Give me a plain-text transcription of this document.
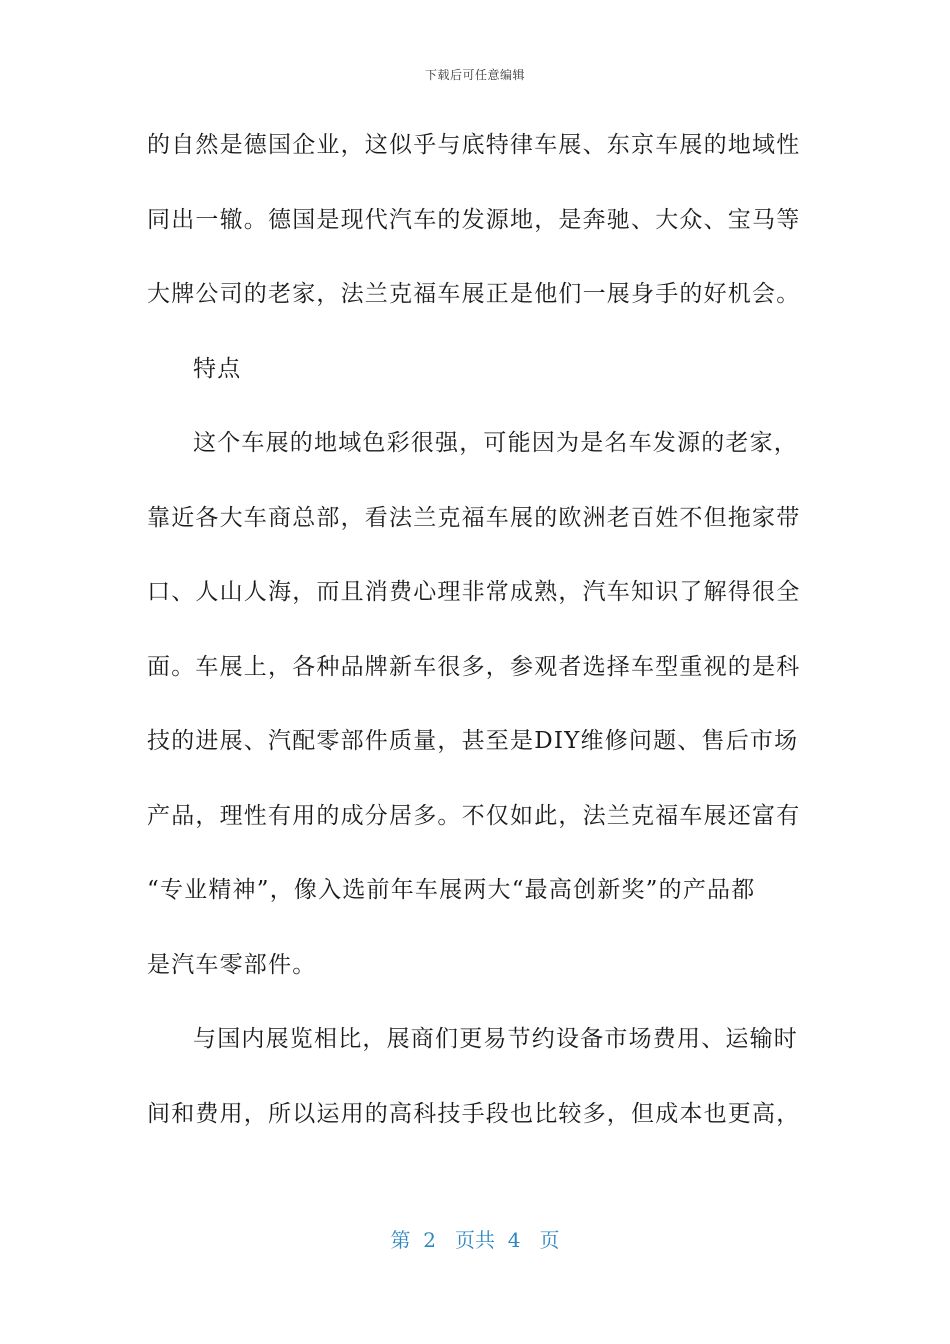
下载后可任意编辑
的自然是德国企业，这似乎与底特律车展、东京车展的地域性
同出一辙。德国是现代汽车的发源地，是奔驰、大众、宝马等
大牌公司的老家，法兰克福车展正是他们一展身手的好机会。
特点
这个车展的地域色彩很强，可能因为是名车发源的老家，
靠近各大车商总部，看法兰克福车展的欧洲老百姓不但拖家带
口、人山人海，而且消费心理非常成熟，汽车知识了解得很全
面。车展上，各种品牌新车很多，参观者选择车型重视的是科
技的进展、汽配零部件质量，甚至是DIY维修问题、售后市场
产品，理性有用的成分居多。不仅如此，法兰克福车展还富有
“专业精神”，像入选前年车展两大“最高创新奖”的产品都
是汽车零部件。
与国内展览相比，展商们更易节约设备市场费用、运输时
间和费用，所以运用的高科技手段也比较多，但成本也更高，
第  2   页共  4   页
